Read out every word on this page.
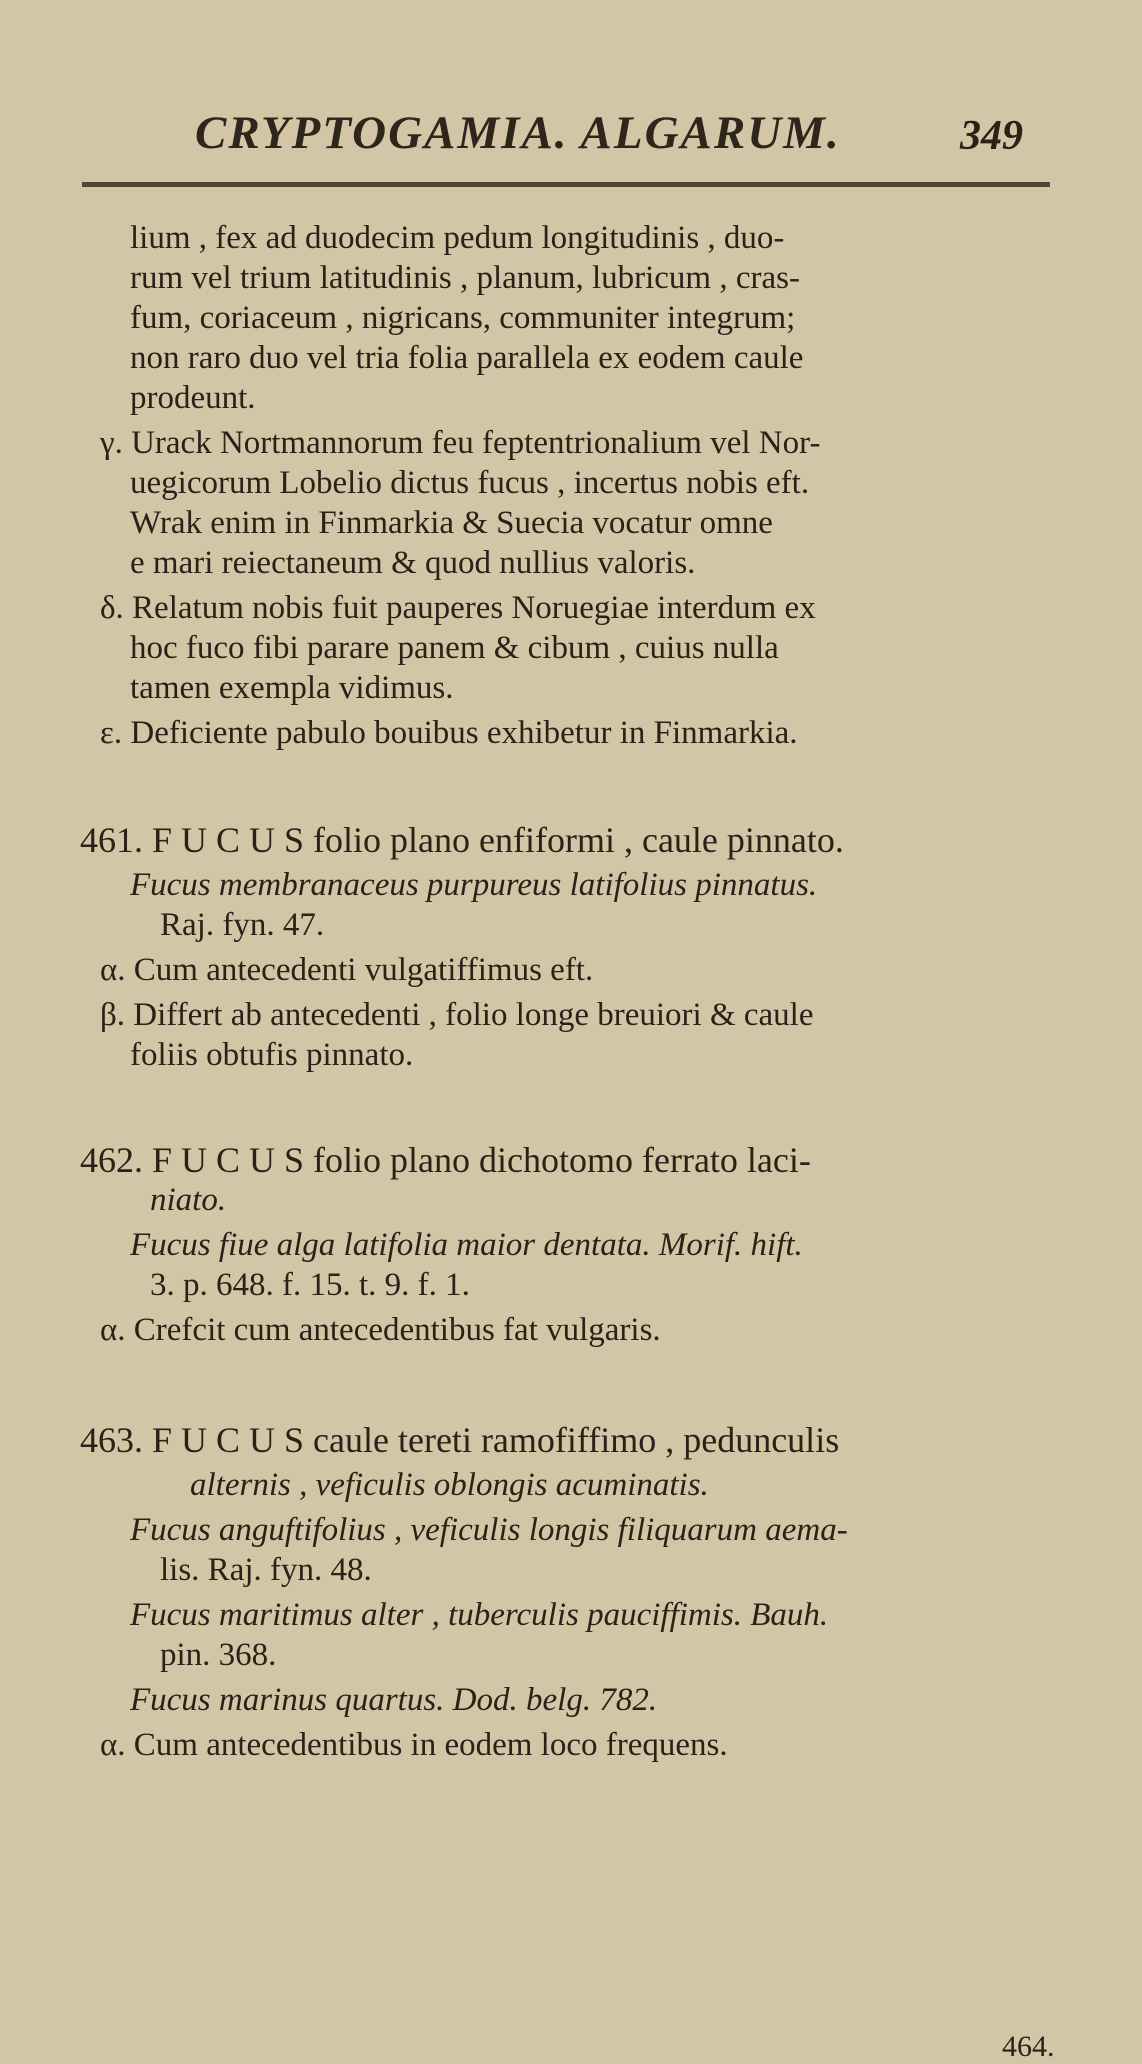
CRYPTOGAMIA. ALGARUM.	349
lium , fex ad duodecim pedum longitudinis , duo-
rum vel trium latitudinis , planum, lubricum , cras-
fum, coriaceum , nigricans, communiter integrum;
non raro duo vel tria folia parallela ex eodem caule
prodeunt.
γ. Urack Nortmannorum feu feptentrionalium vel Nor-
uegicorum Lobelio dictus fucus , incertus nobis eft.
Wrak enim in Finmarkia & Suecia vocatur omne
e mari reiectaneum & quod nullius valoris.
δ. Relatum nobis fuit pauperes Noruegiae interdum ex
hoc fuco fibi parare panem & cibum , cuius nulla
tamen exempla vidimus.
ε. Deficiente pabulo bouibus exhibetur in Finmarkia.
461. F U C U S folio plano enfiformi , caule pinnato.
Fucus membranaceus purpureus latifolius pinnatus.
Raj. fyn. 47.
α. Cum antecedenti vulgatiffimus eft.
β. Differt ab antecedenti , folio longe breuiori & caule
foliis obtufis pinnato.
462. F U C U S folio plano dichotomo ferrato laci-
niato.
Fucus fiue alga latifolia maior dentata. Morif. hift.
3. p. 648. f. 15. t. 9. f. 1.
α. Crefcit cum antecedentibus fat vulgaris.
463. F U C U S caule tereti ramofiffimo , pedunculis
alternis , veficulis oblongis acuminatis.
Fucus anguftifolius , veficulis longis filiquarum aema-
lis. Raj. fyn. 48.
Fucus maritimus alter , tuberculis pauciffimis. Bauh.
pin. 368.
Fucus marinus quartus. Dod. belg. 782.
α. Cum antecedentibus in eodem loco frequens.
464.
